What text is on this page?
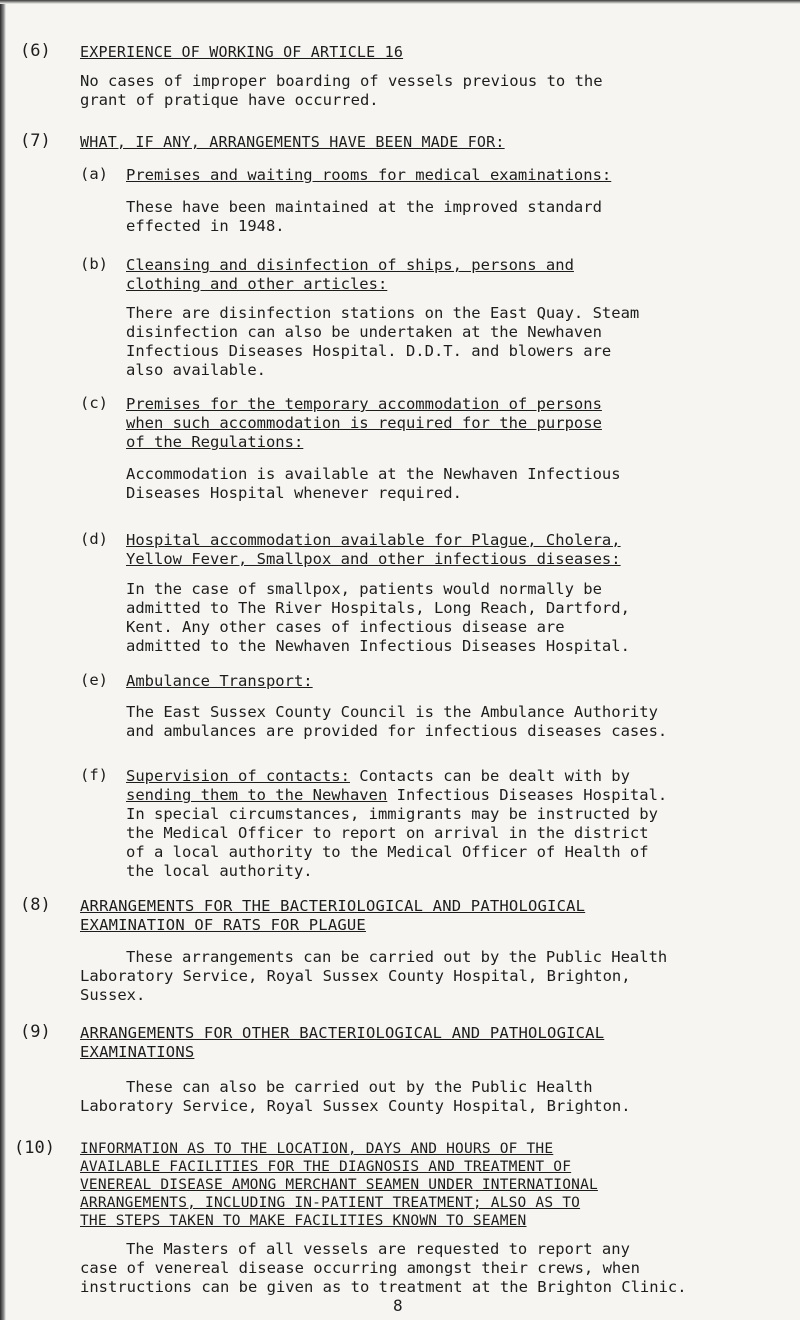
(6) EXPERIENCE OF WORKING OF ARTICLE 16
No cases of improper boarding of vessels previous to the
grant of pratique have occurred.
(7) WHAT, IF ANY, ARRANGEMENTS HAVE BEEN MADE FOR:
(a) Premises and waiting rooms for medical examinations:
These have been maintained at the improved standard
effected in 1948.
(b) Cleansing and disinfection of ships, persons and
clothing and other articles:
There are disinfection stations on the East Quay. Steam
disinfection can also be undertaken at the Newhaven
Infectious Diseases Hospital. D.D.T. and blowers are
also available.
(c) Premises for the temporary accommodation of persons
when such accommodation is required for the purpose
of the Regulations:
Accommodation is available at the Newhaven Infectious
Diseases Hospital whenever required.
(d) Hospital accommodation available for Plague, Cholera,
Yellow Fever, Smallpox and other infectious diseases:
In the case of smallpox, patients would normally be
admitted to The River Hospitals, Long Reach, Dartford,
Kent. Any other cases of infectious disease are
admitted to the Newhaven Infectious Diseases Hospital.
(e) Ambulance Transport:
The East Sussex County Council is the Ambulance Authority
and ambulances are provided for infectious diseases cases.
(f) Supervision of contacts: Contacts can be dealt with by
sending them to the Newhaven Infectious Diseases Hospital.
In special circumstances, immigrants may be instructed by
the Medical Officer to report on arrival in the district
of a local authority to the Medical Officer of Health of
the local authority.
(8) ARRANGEMENTS FOR THE BACTERIOLOGICAL AND PATHOLOGICAL
EXAMINATION OF RATS FOR PLAGUE
These arrangements can be carried out by the Public Health
Laboratory Service, Royal Sussex County Hospital, Brighton,
Sussex.
(9) ARRANGEMENTS FOR OTHER BACTERIOLOGICAL AND PATHOLOGICAL
EXAMINATIONS
These can also be carried out by the Public Health
Laboratory Service, Royal Sussex County Hospital, Brighton.
(10) INFORMATION AS TO THE LOCATION, DAYS AND HOURS OF THE
AVAILABLE FACILITIES FOR THE DIAGNOSIS AND TREATMENT OF
VENEREAL DISEASE AMONG MERCHANT SEAMEN UNDER INTERNATIONAL
ARRANGEMENTS, INCLUDING IN-PATIENT TREATMENT; ALSO AS TO
THE STEPS TAKEN TO MAKE FACILITIES KNOWN TO SEAMEN
The Masters of all vessels are requested to report any
case of venereal disease occurring amongst their crews, when
instructions can be given as to treatment at the Brighton Clinic.
8
